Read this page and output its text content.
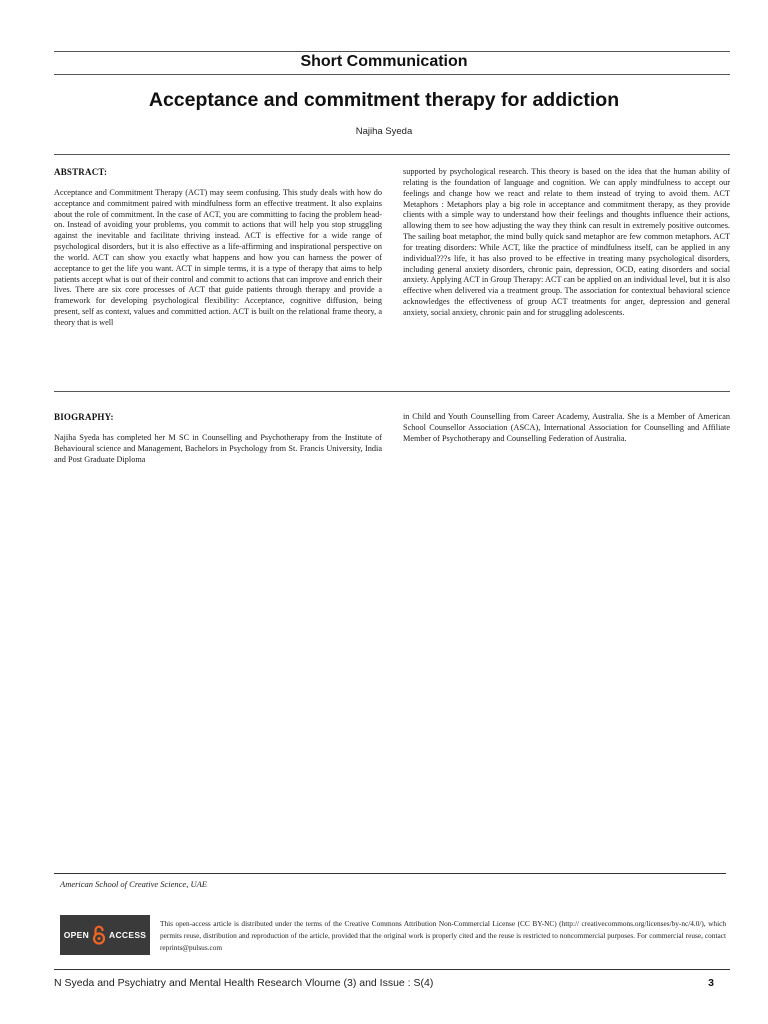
Short Communication
Acceptance and commitment therapy for addiction
Najiha Syeda
ABSTRACT:

Acceptance and Commitment Therapy (ACT) may seem confusing. This study deals with how do acceptance and commitment paired with mindfulness form an effective treatment. It also explains about the role of commitment. In the case of ACT, you are committing to facing the problem head-on. Instead of avoiding your problems, you commit to actions that will help you stop struggling against the inevitable and facilitate thriving instead. ACT is effective for a wide range of psychological disorders, but it is also effective as a life-affirming and inspirational perspective on the world. ACT can show you exactly what happens and how you can harness the power of acceptance to get the life you want. ACT in simple terms, it is a type of therapy that aims to help patients accept what is out of their control and commit to actions that can improve and enrich their lives. There are six core processes of ACT that guide patients through therapy and provide a framework for developing psychological flexibility: Acceptance, cognitive diffusion, being present, self as context, values and committed action. ACT is built on the relational frame theory, a theory that is well

supported by psychological research. This theory is based on the idea that the human ability of relating is the foundation of language and cognition. We can apply mindfulness to accept our feelings and change how we react and relate to them instead of trying to avoid them. ACT Metaphors : Metaphors play a big role in acceptance and commitment therapy, as they provide clients with a simple way to understand how their feelings and thoughts influence their actions, allowing them to see how adjusting the way they think can result in extremely positive outcomes. The sailing boat metaphor, the mind bully quick sand metaphor are few common metaphors. ACT for treating disorders: While ACT, like the practice of mindfulness itself, can be applied in any individual???s life, it has also proved to be effective in treating many psychological disorders, including general anxiety disorders, chronic pain, depression, OCD, eating disorders and social anxiety. Applying ACT in Group Therapy: ACT can be applied on an individual level, but it is also effective when delivered via a treatment group. The association for contextual behavioral science acknowledges the effectiveness of group ACT treatments for anger, depression and general anxiety, social anxiety, chronic pain and for struggling adolescents.

BIOGRAPHY:

Najiha Syeda has completed her M SC in Counselling and Psychotherapy from the Institute of Behavioural science and Management, Bachelors in Psychology from St. Francis University, India and Post Graduate Diploma

in Child and Youth Counselling from Career Academy, Australia. She is a Member of American School Counsellor Association (ASCA), International Association for Counselling and Affiliate Member of Psychotherapy and Counselling Federation of Australia.

American School of Creative Science, UAE
OPEN ACCESS
This open-access article is distributed under the terms of the Creative Commons Attribution Non-Commercial License (CC BY-NC) (http:// creativecommons.org/licenses/by-nc/4.0/), which permits reuse, distribution and reproduction of the article, provided that the original work is properly cited and the reuse is restricted to noncommercial purposes. For commercial reuse, contact reprints@pulsus.com
N Syeda and Psychiatry and Mental Health Research Vloume (3) and Issue : S(4)	3
